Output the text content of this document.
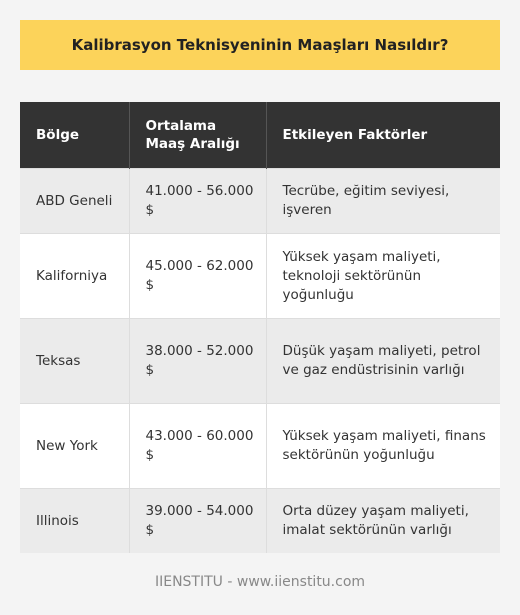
Kalibrasyon Teknisyeninin Maaşları Nasıldır?
Bölge	Ortalama Maaş Aralığı	Etkileyen Faktörler
ABD Geneli	41.000 - 56.000 $	Tecrübe, eğitim seviyesi, işveren
Kaliforniya	45.000 - 62.000 $	Yüksek yaşam maliyeti, teknoloji sektörünün yoğunluğu
Teksas	38.000 - 52.000 $	Düşük yaşam maliyeti, petrol ve gaz endüstrisinin varlığı
New York	43.000 - 60.000 $	Yüksek yaşam maliyeti, finans sektörünün yoğunluğu
Illinois	39.000 - 54.000 $	Orta düzey yaşam maliyeti, imalat sektörünün varlığı
IIENSTITU - www.iienstitu.com
